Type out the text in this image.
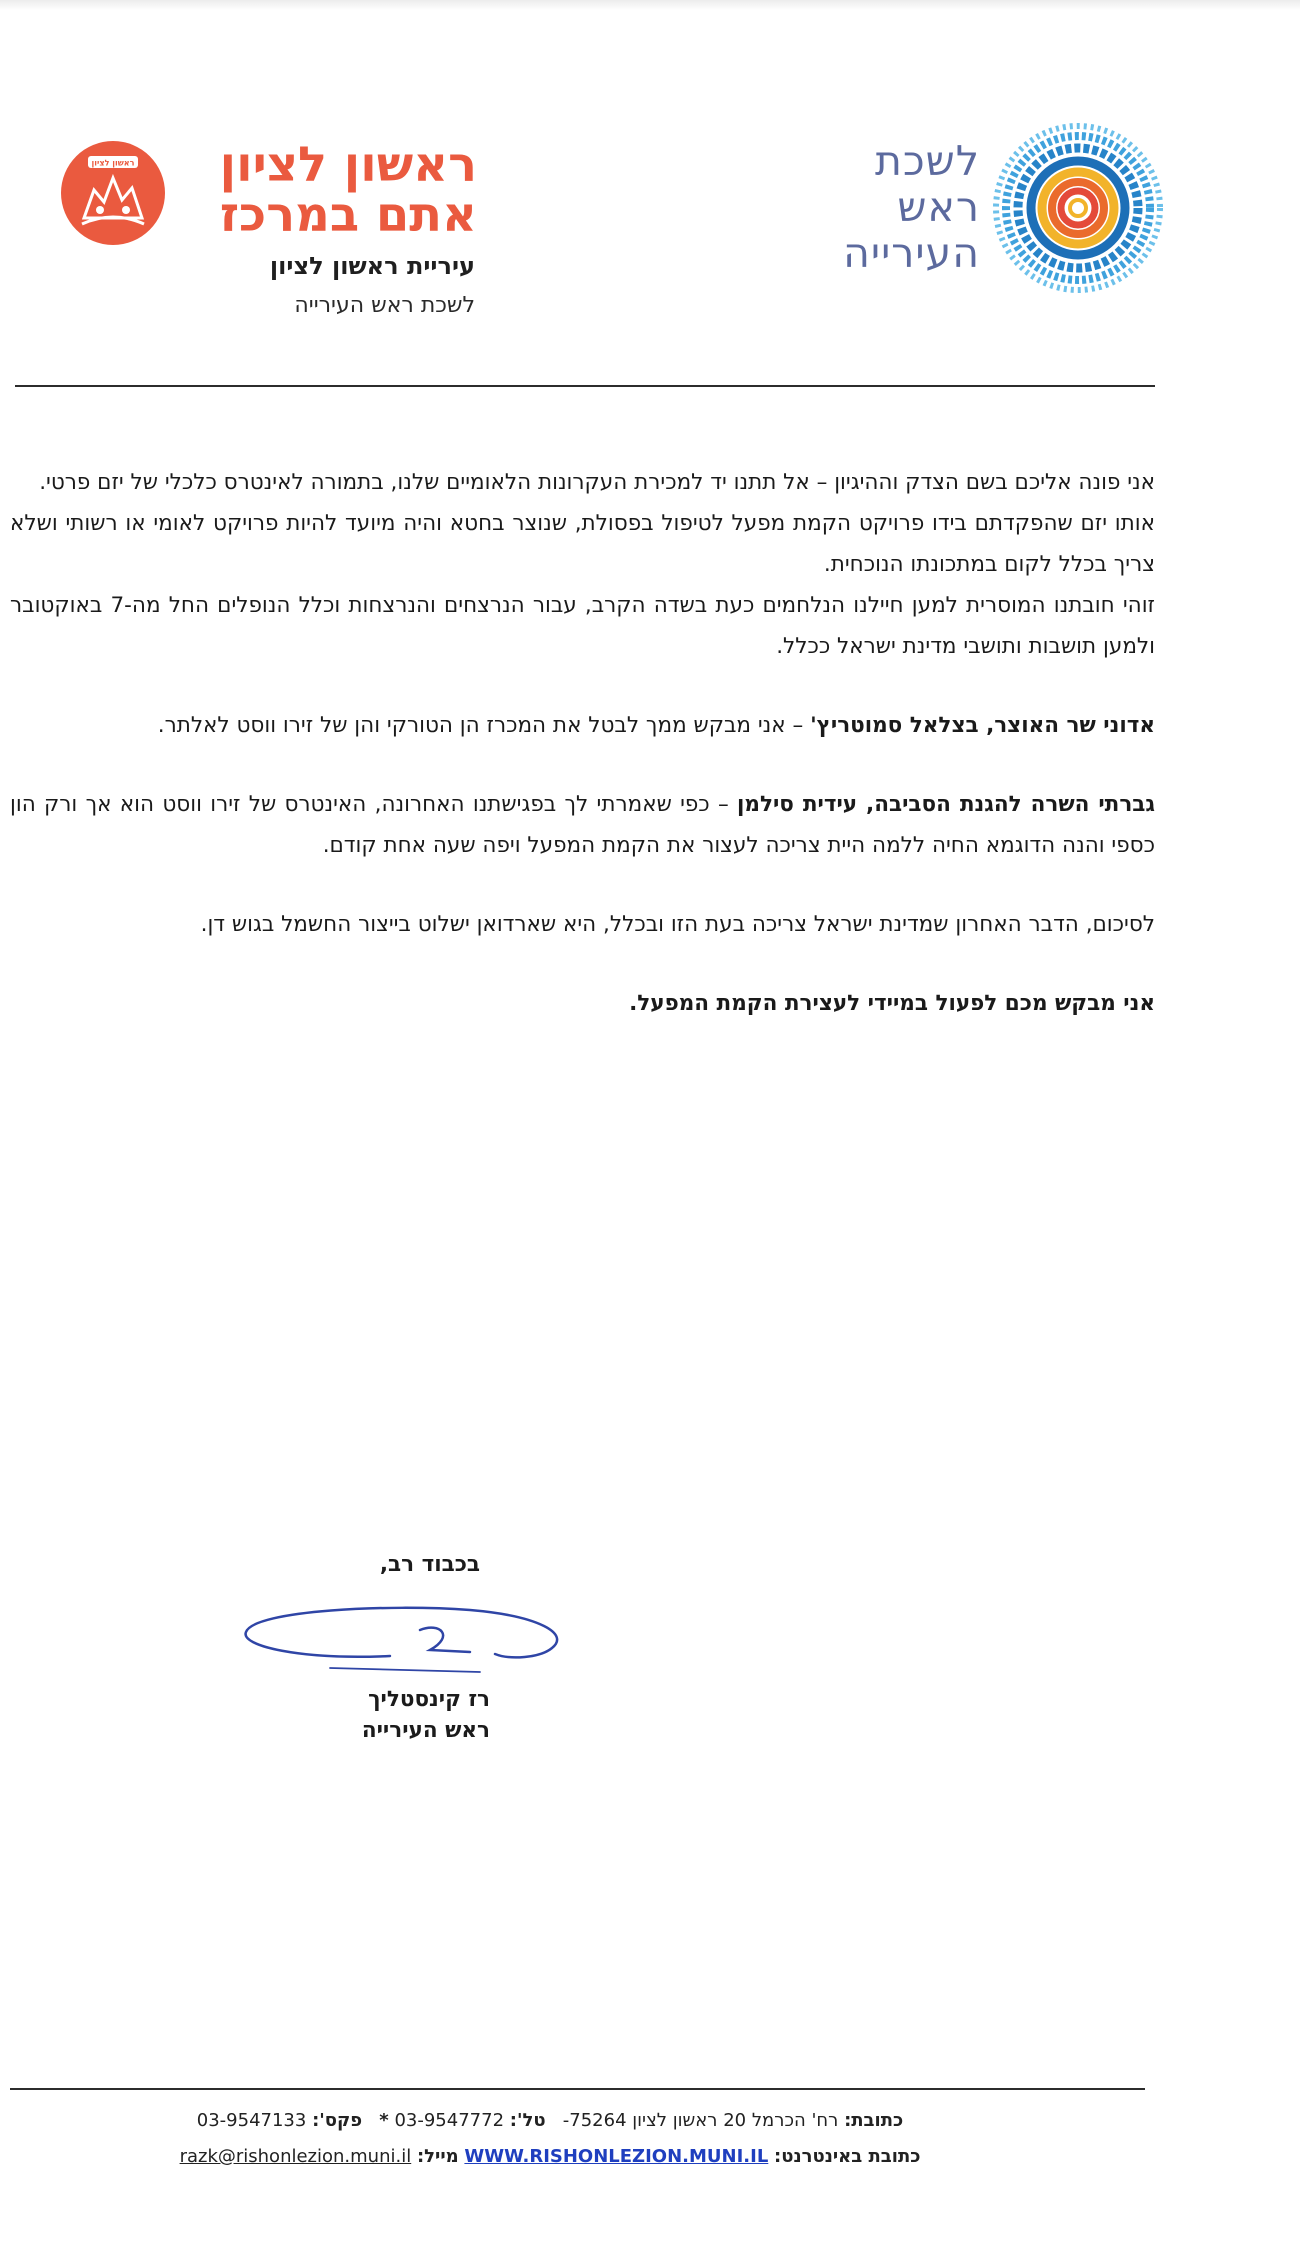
לשכת ראש העירייה
ראשון לציון	ראשון לציון
אתם במרכז
עיריית ראשון לציון
לשכת ראש העירייה

אני פונה אליכם בשם הצדק וההיגיון – אל תתנו יד למכירת העקרונות הלאומיים שלנו, בתמורה לאינטרס כלכלי של יזם פרטי.

אותו יזם שהפקדתם בידו פרויקט הקמת מפעל לטיפול בפסולת, שנוצר בחטא והיה מיועד להיות פרויקט לאומי או רשותי ושלא צריך בכלל לקום במתכונתו הנוכחית.

זוהי חובתנו המוסרית למען חיילנו הנלחמים כעת בשדה הקרב, עבור הנרצחים והנרצחות וכלל הנופלים החל מה-7 באוקטובר ולמען תושבות ותושבי מדינת ישראל ככלל.

אדוני שר האוצר, בצלאל סמוטריץ' – אני מבקש ממך לבטל את המכרז הן הטורקי והן של זירו ווסט לאלתר.

גברתי השרה להגנת הסביבה, עידית סילמן – כפי שאמרתי לך בפגישתנו האחרונה, האינטרס של זירו ווסט הוא אך ורק הון כספי והנה הדוגמא החיה ללמה היית צריכה לעצור את הקמת המפעל ויפה שעה אחת קודם.

לסיכום, הדבר האחרון שמדינת ישראל צריכה בעת הזו ובכלל, היא שארדואן ישלוט בייצור החשמל בגוש דן.

אני מבקש מכם לפעול במיידי לעצירת הקמת המפעל.

בכבוד רב,
רז קינסטליך
ראש העירייה
כתובת: רח' הכרמל 20 ראשון לציון 75264-   טל': 03-9547772 *   פקס': 03-9547133
כתובת באינטרנט: WWW.RISHONLEZION.MUNI.IL מייל: razk@rishonlezion.muni.il
